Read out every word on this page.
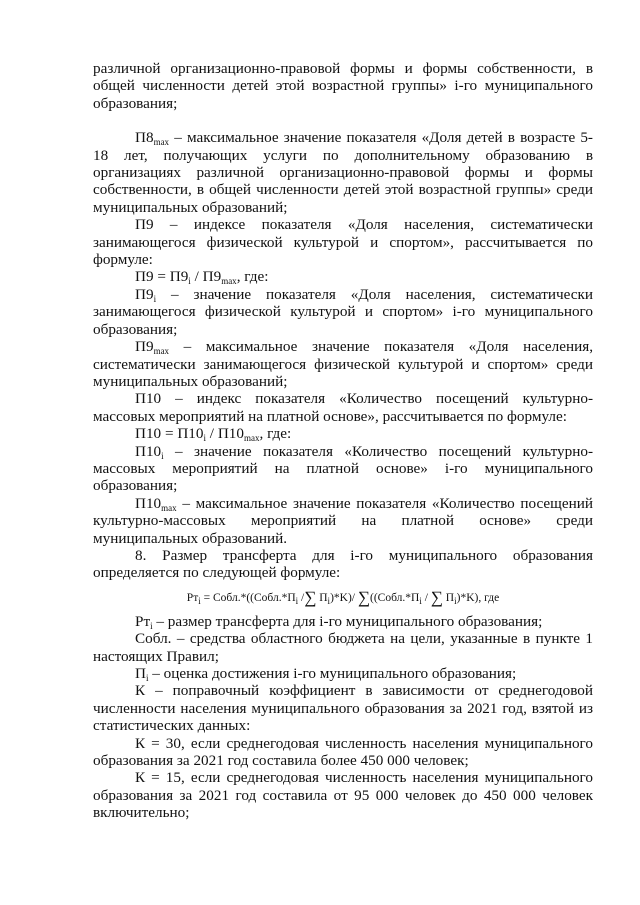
различной организационно-правовой формы и формы собственности, в общей численности детей этой возрастной группы» i-го муниципального образования;

$П8_{max}$ – максимальное значение показателя «Доля детей в возрасте 5-18 лет, получающих услуги по дополнительному образованию в организациях различной организационно-правовой формы и формы собственности, в общей численности детей этой возрастной группы» среди муниципальных образований;

П9 – индексе показателя «Доля населения, систематически занимающегося физической культурой и спортом», рассчитывается по формуле:

$П9 = П9_i / П9_{max}$, где:

$П9_i$ – значение показателя «Доля населения, систематически занимающегося физической культурой и спортом» i-го муниципального образования;

$П9_{max}$ – максимальное значение показателя «Доля населения, систематически занимающегося физической культурой и спортом» среди муниципальных образований;

П10 – индекс показателя «Количество посещений культурно-массовых мероприятий на платной основе», рассчитывается по формуле:

$П10 = П10_i / П10_{max}$, где:

$П10_i$ – значение показателя «Количество посещений культурно-массовых мероприятий на платной основе» i-го муниципального образования;

$П10_{max}$ – максимальное значение показателя «Количество посещений культурно-массовых мероприятий на платной основе» среди муниципальных образований.

8. Размер трансферта для i-го муниципального образования определяется по следующей формуле:

$Рт_i$ = $Собл.*((Собл.*П_i$ /∑ $П_i)*K)/$ $\sum((Собл.*П_i$ / ∑ $П_i)*K$), где

$Рт_i$ – размер трансферта для i-го муниципального образования;

Собл. – средства областного бюджета на цели, указанные в пункте 1 настоящих Правил;

$П_i$ – оценка достижения i-го муниципального образования;

К – поправочный коэффициент в зависимости от среднегодовой численности населения муниципального образования за 2021 год, взятой из статистических данных:

К = 30, если среднегодовая численность населения муниципального образования за 2021 год составила более 450 000 человек;

К = 15, если среднегодовая численность населения муниципального образования за 2021 год составила от 95 000 человек до 450 000 человек включительно;
